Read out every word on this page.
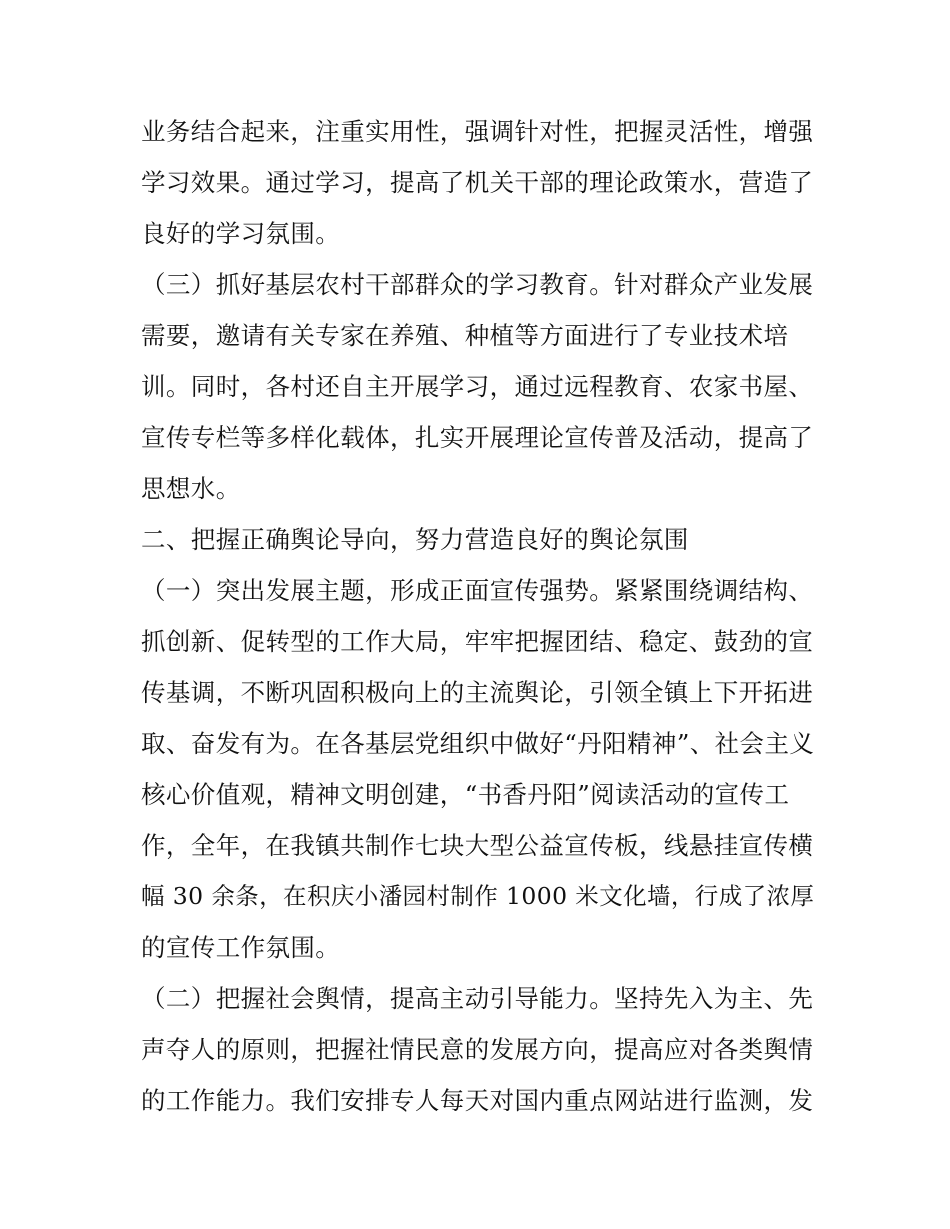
业务结合起来，注重实用性，强调针对性，把握灵活性，增强
学习效果。通过学习，提高了机关干部的理论政策水，营造了
良好的学习氛围。
（三）抓好基层农村干部群众的学习教育。针对群众产业发展
需要，邀请有关专家在养殖、种植等方面进行了专业技术培
训。同时，各村还自主开展学习，通过远程教育、农家书屋、
宣传专栏等多样化载体，扎实开展理论宣传普及活动，提高了
思想水。
二、把握正确舆论导向，努力营造良好的舆论氛围
（一）突出发展主题，形成正面宣传强势。紧紧围绕调结构、
抓创新、促转型的工作大局，牢牢把握团结、稳定、鼓劲的宣
传基调，不断巩固积极向上的主流舆论，引领全镇上下开拓进
取、奋发有为。在各基层党组织中做好“丹阳精神”、社会主义
核心价值观，精神文明创建，“书香丹阳”阅读活动的宣传工
作，全年，在我镇共制作七块大型公益宣传板，线悬挂宣传横
幅 30 余条，在积庆小潘园村制作 1000 米文化墙，行成了浓厚
的宣传工作氛围。
（二）把握社会舆情，提高主动引导能力。坚持先入为主、先
声夺人的原则，把握社情民意的发展方向，提高应对各类舆情
的工作能力。我们安排专人每天对国内重点网站进行监测，发
